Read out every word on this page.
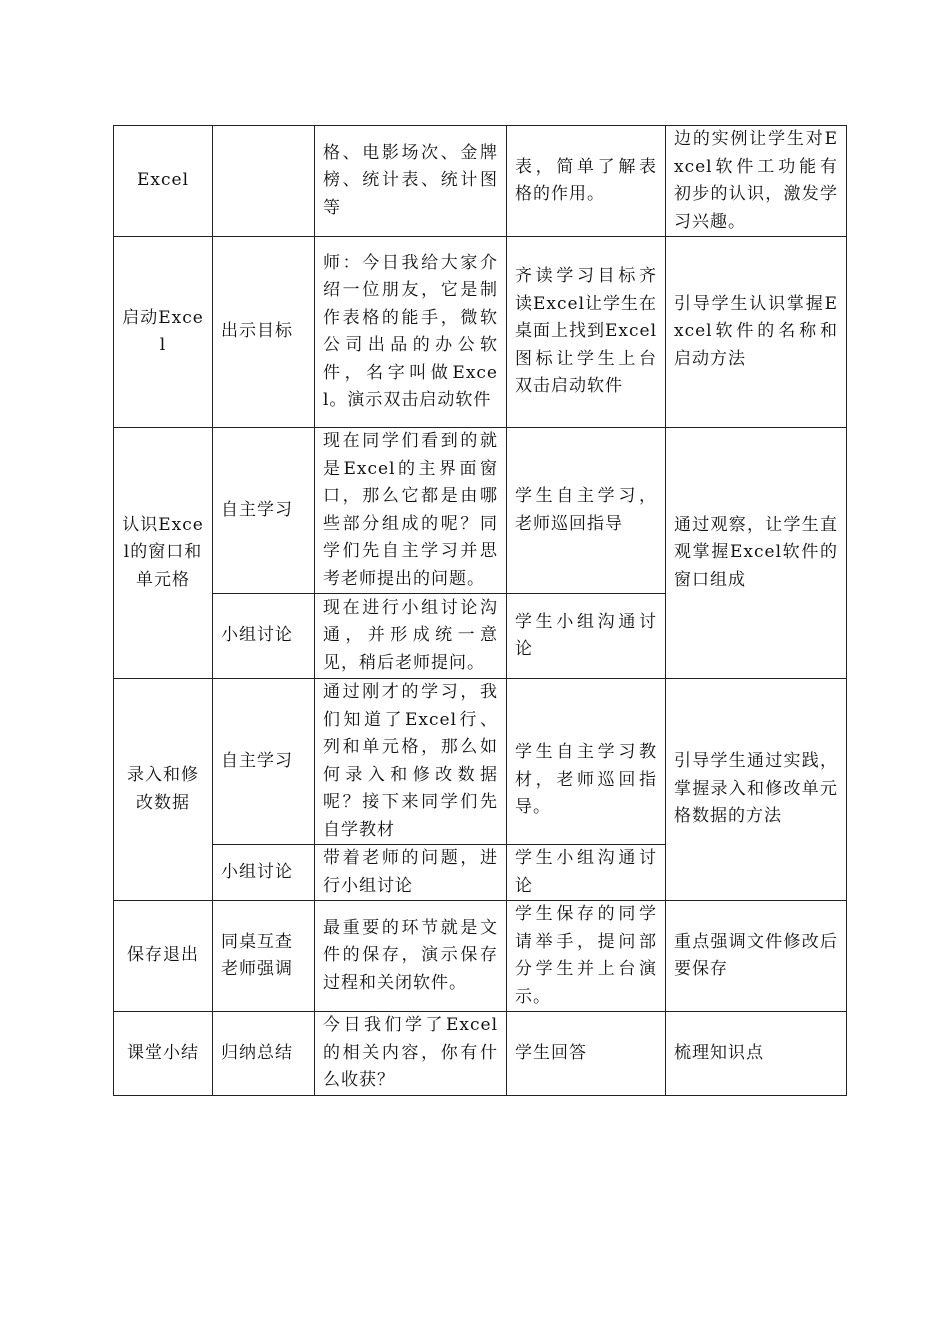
Excel		格、电影场次、金牌榜、统计表、统计图等	表，简单了解表格的作用。	边的实例让学生对Excel软件工功能有初步的认识，激发学习兴趣。
启动Excel	出示目标	师：今日我给大家介绍一位朋友，它是制作表格的能手，微软公司出品的办公软件，名字叫做Excel。演示双击启动软件	齐读学习目标齐读Excel让学生在桌面上找到Excel图标让学生上台双击启动软件	引导学生认识掌握Excel软件的名称和启动方法
认识Excel的窗口和单元格	自主学习	现在同学们看到的就是Excel的主界面窗口，那么它都是由哪些部分组成的呢？同学们先自主学习并思考老师提出的问题。	学生自主学习，老师巡回指导	通过观察，让学生直观掌握Excel软件的窗口组成
	小组讨论	现在进行小组讨论沟通，并形成统一意见，稍后老师提问。	学生小组沟通讨论	
录入和修改数据	自主学习	通过刚才的学习，我们知道了Excel行、列和单元格，那么如何录入和修改数据呢？接下来同学们先自学教材	学生自主学习教材，老师巡回指导。	引导学生通过实践，掌握录入和修改单元格数据的方法
	小组讨论	带着老师的问题，进行小组讨论	学生小组沟通讨论	
保存退出	同桌互查老师强调	最重要的环节就是文件的保存，演示保存过程和关闭软件。	学生保存的同学请举手，提问部分学生并上台演示。	重点强调文件修改后要保存
课堂小结	归纳总结	今日我们学了Excel的相关内容，你有什么收获？	学生回答	梳理知识点
